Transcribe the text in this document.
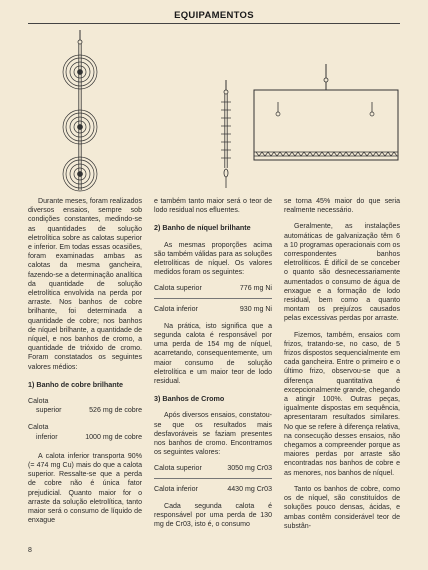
EQUIPAMENTOS

Durante meses, foram realizados diversos ensaios, sempre sob condições constantes, medindo-se as quantidades de solução eletrolítica sobre as calotas superior e inferior. Em todas essas ocasiões, foram examinadas ambas as calotas da mesma gancheira, fazendo-se a determinação analítica da quantidade de solução eletrolítica envolvida na perda por arraste. Nos banhos de cobre brilhante, foi determinada a quantidade de cobre; nos banhos de níquel brilhante, a quantidade de níquel, e nos banhos de cromo, a quantidade de trióxido de cromo. Foram constatados os seguintes valores médios:

1) Banho de cobre brilhante
Calota
superior	526 mg de cobre
Calota
inferior	1000 mg de cobre

A calota inferior transporta 90% (= 474 mg Cu) mais do que a calota superior. Ressalte-se que a perda de cobre não é única fator prejudicial. Quanto maior for o arraste da solução eletrolítica, tanto maior será o consumo de líquido de enxague

e também tanto maior será o teor de lodo residual nos efluentes.

2) Banho de níquel brilhante

As mesmas proporções acima são também válidas para as soluções eletrolíticas de níquel. Os valores medidos foram os seguintes:

Calota superior	776 mg Ni
Calota inferior	930 mg Ni

Na prática, isto significa que a segunda calota é responsável por uma perda de 154 mg de níquel, acarretando, consequentemente, um maior consumo de solução eletrolítica e um maior teor de lodo residual.

3) Banhos de Cromo

Após diversos ensaios, constatou-se que os resultados mais desfavoráveis se faziam presentes nos banhos de cromo. Encontramos os seguintes valores:

Calota superior	3050 mg Cr03
Calota inferior	4430 mg Cr03

Cada segunda calota é responsável por uma perda de 130 mg de Cr03, isto é, o consumo

se torna 45% maior do que seria realmente necessário.

Geralmente, as instalações automáticas de galvanização têm 6 a 10 programas operacionais com os correspondentes banhos eletrolíticos. É difícil de se conceber o quanto são desnecessariamente aumentados o consumo de água de enxague e a formação de lodo residual, bem como a quanto montam os prejuízos causados pelas excessivas perdas por arraste.

Fizemos, também, ensaios com frizos, tratando-se, no caso, de 5 frizos dispostos sequencialmente em cada gancheira. Entre o primeiro e o último frizo, observou-se que a diferença quantitativa é excepcionalmente grande, chegando a atingir 100%. Outras peças, igualmente dispostas em sequência, apresentaram resultados similares. No que se refere à diferença relativa, na consecução desses ensaios, não chegamos a compreender porque as maiores perdas por arraste são encontradas nos banhos de cobre e as menores, nos banhos de níquel.

Tanto os banhos de cobre, como os de níquel, são constituídos de soluções pouco densas, ácidas, e ambas contêm considerável teor de substân-

8
